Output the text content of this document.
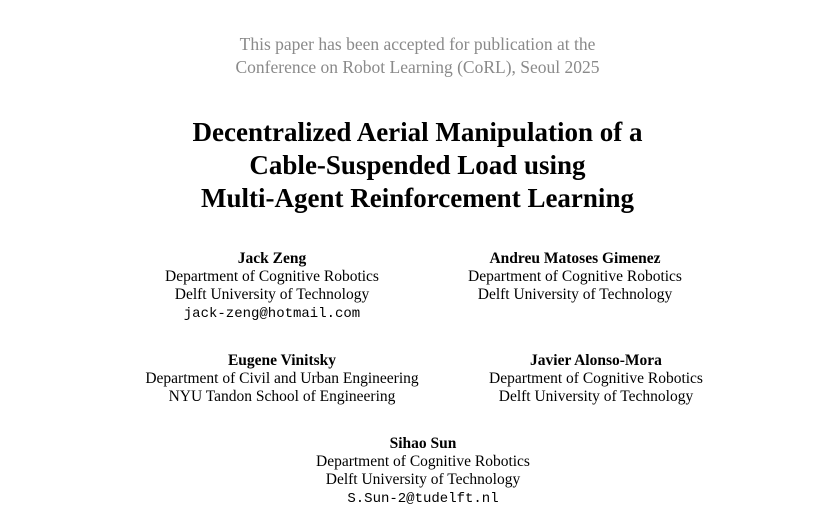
This paper has been accepted for publication at the
Conference on Robot Learning (CoRL), Seoul 2025
Decentralized Aerial Manipulation of a
Cable-Suspended Load using
Multi-Agent Reinforcement Learning
Jack Zeng
Department of Cognitive Robotics
Delft University of Technology
jack-zeng@hotmail.com
Andreu Matoses Gimenez
Department of Cognitive Robotics
Delft University of Technology
Eugene Vinitsky
Department of Civil and Urban Engineering
NYU Tandon School of Engineering
Javier Alonso-Mora
Department of Cognitive Robotics
Delft University of Technology
Sihao Sun
Department of Cognitive Robotics
Delft University of Technology
S.Sun-2@tudelft.nl
